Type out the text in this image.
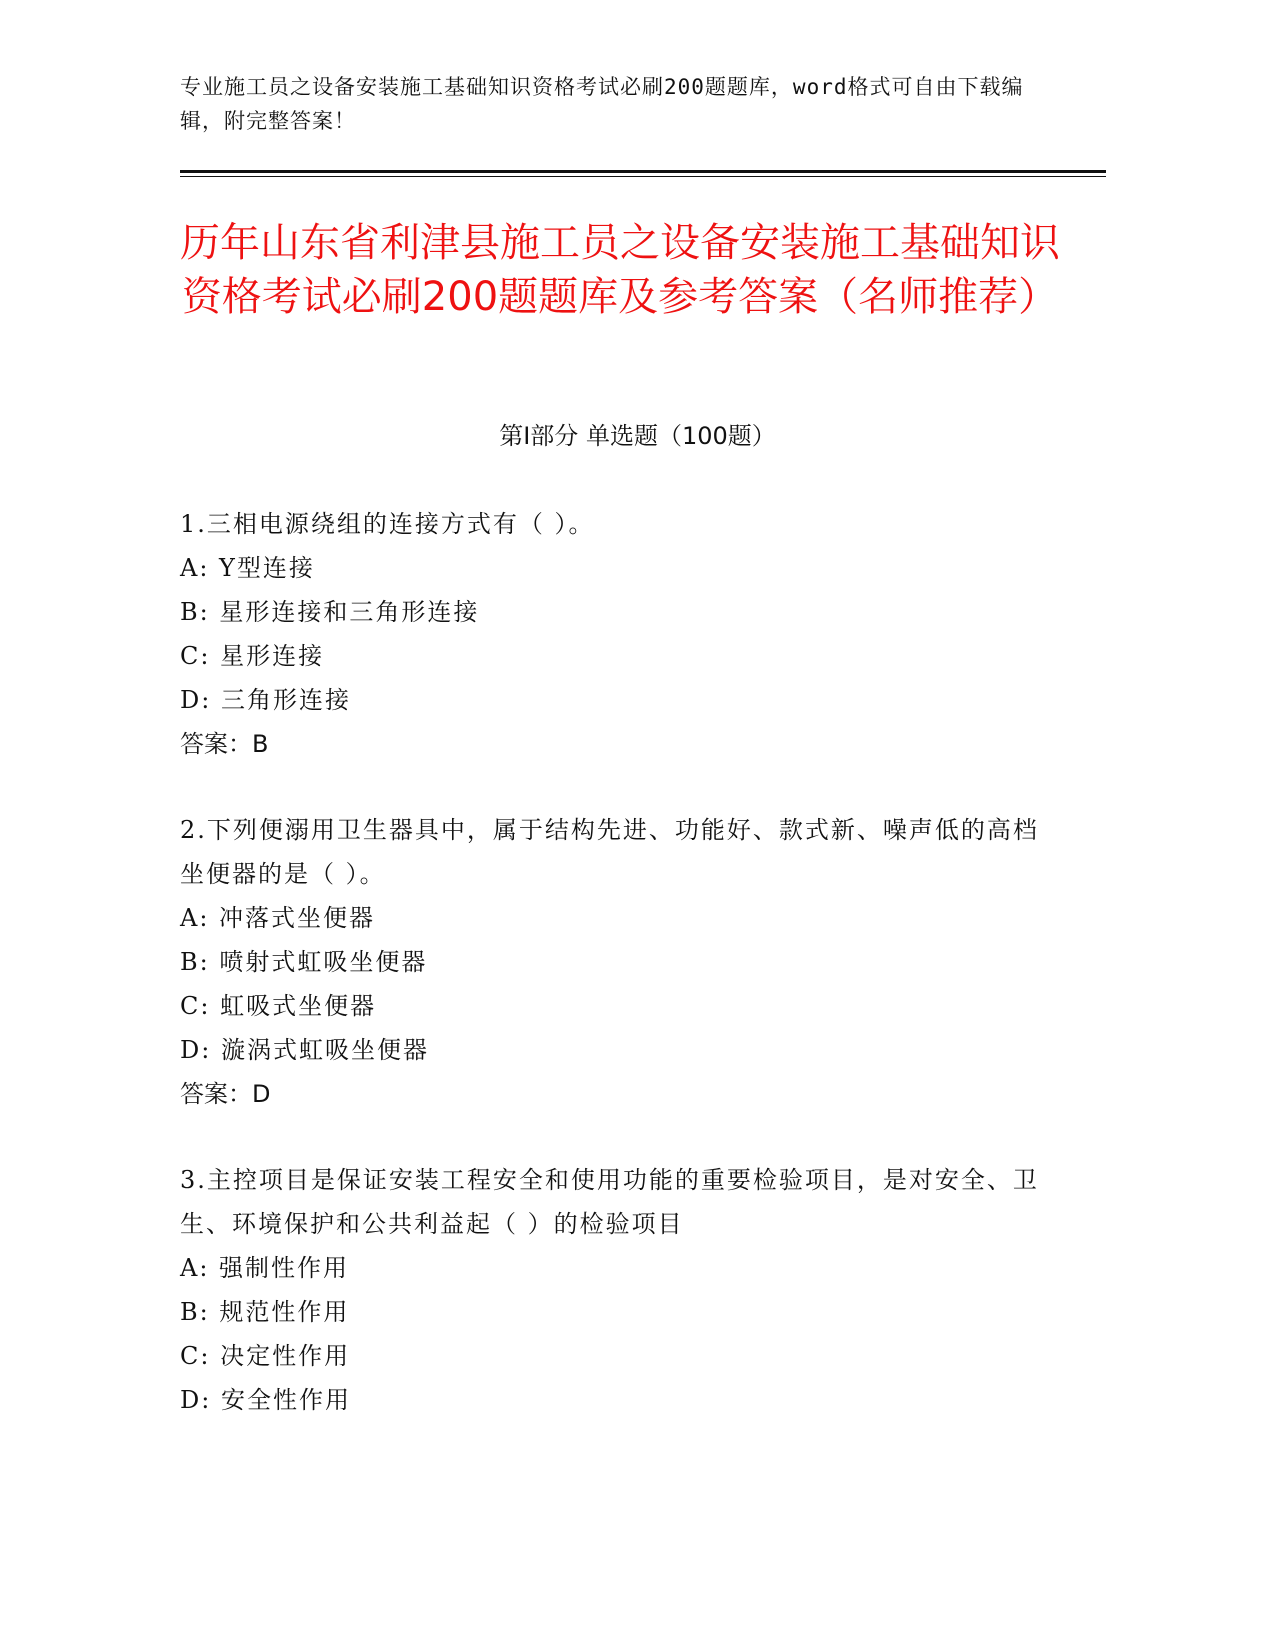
专业施工员之设备安装施工基础知识资格考试必刷200题题库，word格式可自由下载编辑，附完整答案！
历年山东省利津县施工员之设备安装施工基础知识资格考试必刷200题题库及参考答案（名师推荐）
第Ⅰ部分 单选题（100题）

1.三相电源绕组的连接方式有（ ）。

A: Y型连接

B: 星形连接和三角形连接

C: 星形连接

D: 三角形连接

答案：B

2.下列便溺用卫生器具中，属于结构先进、功能好、款式新、噪声低的高档坐便器的是（ ）。

A: 冲落式坐便器

B: 喷射式虹吸坐便器

C: 虹吸式坐便器

D: 漩涡式虹吸坐便器

答案：D

3.主控项目是保证安装工程安全和使用功能的重要检验项目，是对安全、卫生、环境保护和公共利益起（ ）的检验项目

A: 强制性作用

B: 规范性作用

C: 决定性作用

D: 安全性作用
